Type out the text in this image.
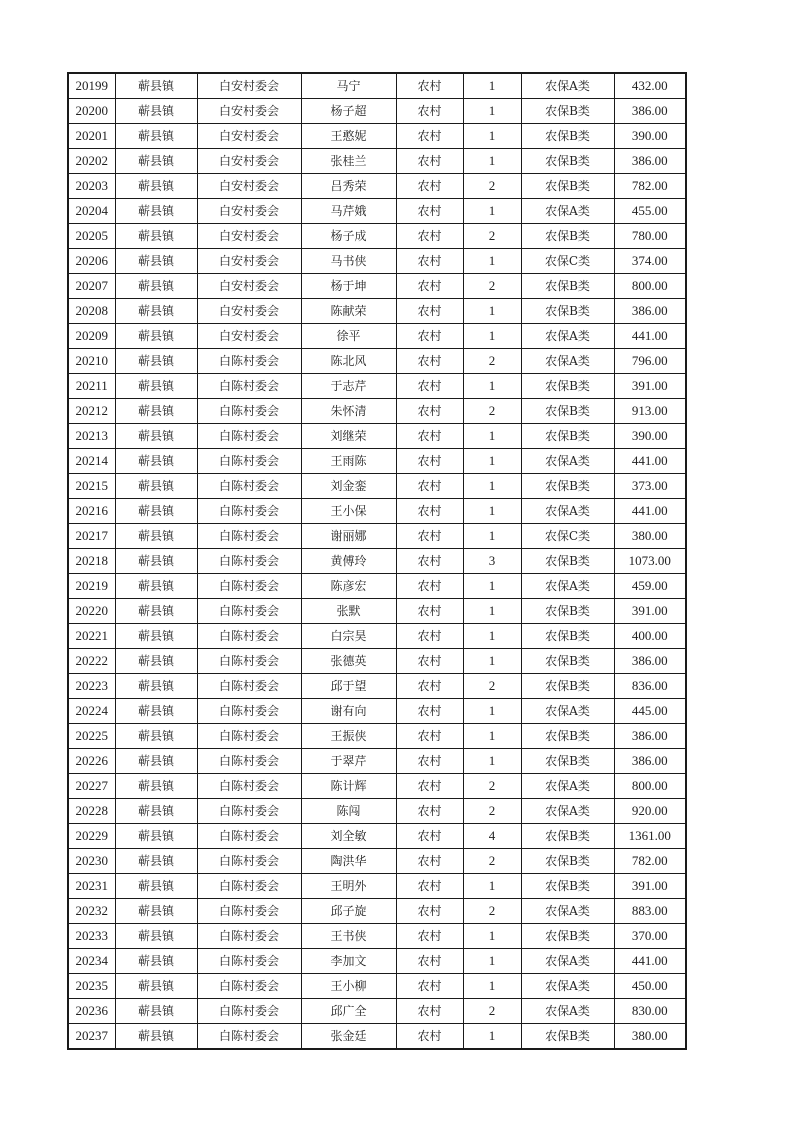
20199	蕲县镇	白安村委会	马宁	农村	1	农保A类	432.00
20200	蕲县镇	白安村委会	杨子超	农村	1	农保B类	386.00
20201	蕲县镇	白安村委会	王憨妮	农村	1	农保B类	390.00
20202	蕲县镇	白安村委会	张桂兰	农村	1	农保B类	386.00
20203	蕲县镇	白安村委会	吕秀荣	农村	2	农保B类	782.00
20204	蕲县镇	白安村委会	马芹娥	农村	1	农保A类	455.00
20205	蕲县镇	白安村委会	杨子成	农村	2	农保B类	780.00
20206	蕲县镇	白安村委会	马书侠	农村	1	农保C类	374.00
20207	蕲县镇	白安村委会	杨于坤	农村	2	农保B类	800.00
20208	蕲县镇	白安村委会	陈献荣	农村	1	农保B类	386.00
20209	蕲县镇	白安村委会	徐平	农村	1	农保A类	441.00
20210	蕲县镇	白陈村委会	陈北风	农村	2	农保A类	796.00
20211	蕲县镇	白陈村委会	于志芹	农村	1	农保B类	391.00
20212	蕲县镇	白陈村委会	朱怀清	农村	2	农保B类	913.00
20213	蕲县镇	白陈村委会	刘继荣	农村	1	农保B类	390.00
20214	蕲县镇	白陈村委会	王雨陈	农村	1	农保A类	441.00
20215	蕲县镇	白陈村委会	刘金銮	农村	1	农保B类	373.00
20216	蕲县镇	白陈村委会	王小保	农村	1	农保A类	441.00
20217	蕲县镇	白陈村委会	谢丽娜	农村	1	农保C类	380.00
20218	蕲县镇	白陈村委会	黄傅玲	农村	3	农保B类	1073.00
20219	蕲县镇	白陈村委会	陈彦宏	农村	1	农保A类	459.00
20220	蕲县镇	白陈村委会	张默	农村	1	农保B类	391.00
20221	蕲县镇	白陈村委会	白宗昊	农村	1	农保B类	400.00
20222	蕲县镇	白陈村委会	张德英	农村	1	农保B类	386.00
20223	蕲县镇	白陈村委会	邱于望	农村	2	农保B类	836.00
20224	蕲县镇	白陈村委会	谢有向	农村	1	农保A类	445.00
20225	蕲县镇	白陈村委会	王振侠	农村	1	农保B类	386.00
20226	蕲县镇	白陈村委会	于翠芹	农村	1	农保B类	386.00
20227	蕲县镇	白陈村委会	陈计辉	农村	2	农保A类	800.00
20228	蕲县镇	白陈村委会	陈闯	农村	2	农保A类	920.00
20229	蕲县镇	白陈村委会	刘全敏	农村	4	农保B类	1361.00
20230	蕲县镇	白陈村委会	陶洪华	农村	2	农保B类	782.00
20231	蕲县镇	白陈村委会	王明外	农村	1	农保B类	391.00
20232	蕲县镇	白陈村委会	邱子旋	农村	2	农保A类	883.00
20233	蕲县镇	白陈村委会	王书侠	农村	1	农保B类	370.00
20234	蕲县镇	白陈村委会	李加文	农村	1	农保A类	441.00
20235	蕲县镇	白陈村委会	王小柳	农村	1	农保A类	450.00
20236	蕲县镇	白陈村委会	邱广全	农村	2	农保A类	830.00
20237	蕲县镇	白陈村委会	张金廷	农村	1	农保B类	380.00
